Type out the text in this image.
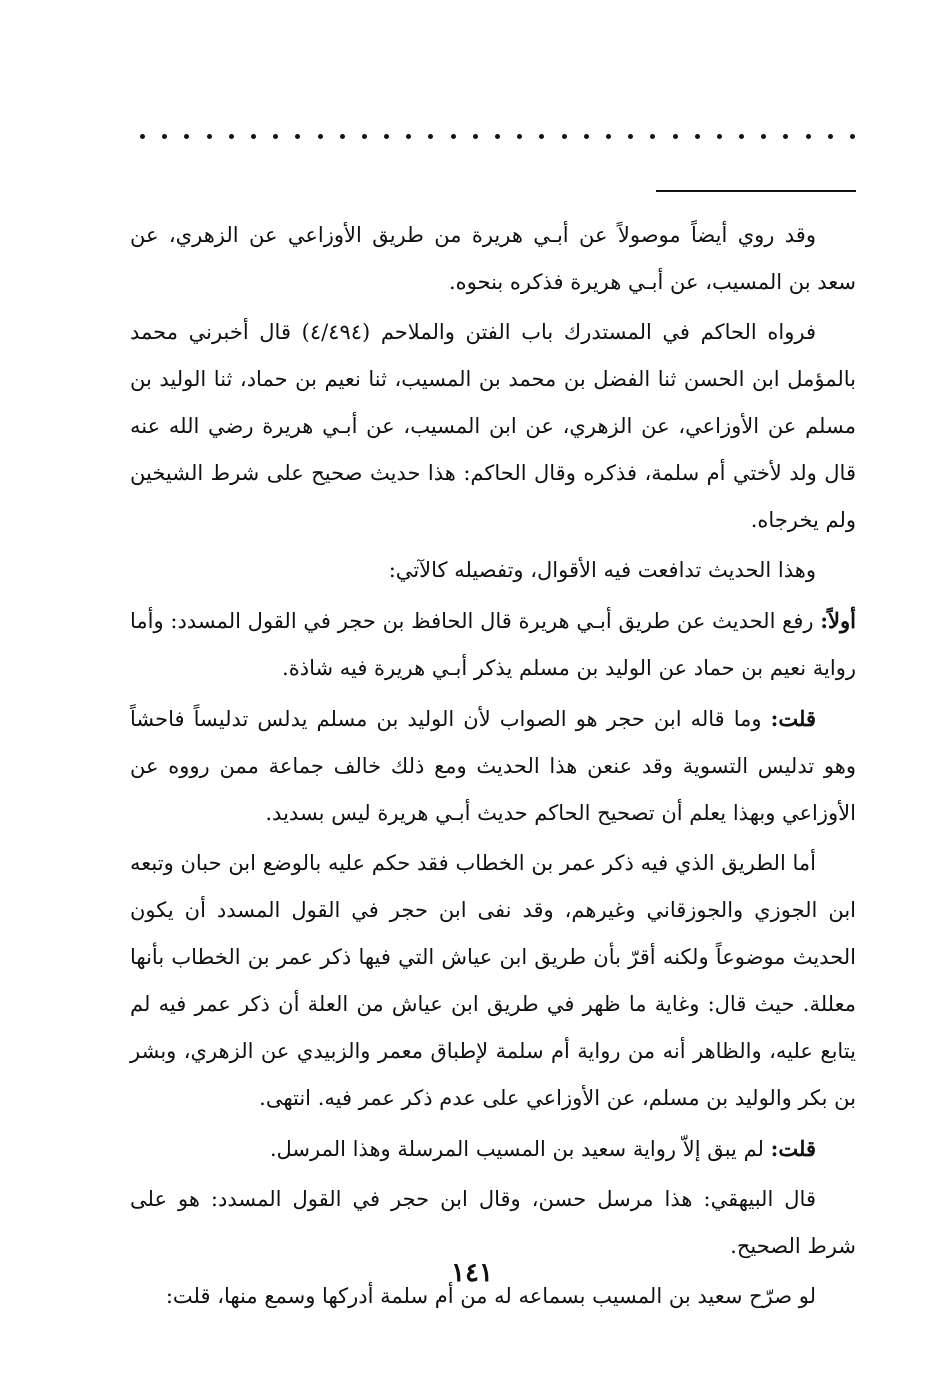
وقد روي أيضاً موصولاً عن أبـي هريرة من طريق الأوزاعي عن الزهري، عن سعد بن المسيب، عن أبـي هريرة فذكره بنحوه.

فرواه الحاكم في المستدرك باب الفتن والملاحم (٤/٤٩٤) قال أخبرني محمد بالمؤمل ابن الحسن ثنا الفضل بن محمد بن المسيب، ثنا نعيم بن حماد، ثنا الوليد بن مسلم عن الأوزاعي، عن الزهري، عن ابن المسيب، عن أبـي هريرة رضي الله عنه قال ولد لأختي أم سلمة، فذكره وقال الحاكم: هذا حديث صحيح على شرط الشيخين ولم يخرجاه.

وهذا الحديث تدافعت فيه الأقوال، وتفصيله كالآتي:

أولاً: رفع الحديث عن طريق أبـي هريرة قال الحافظ بن حجر في القول المسدد: وأما رواية نعيم بن حماد عن الوليد بن مسلم يذكر أبـي هريرة فيه شاذة.

قلت: وما قاله ابن حجر هو الصواب لأن الوليد بن مسلم يدلس تدليساً فاحشاً وهو تدليس التسوية وقد عنعن هذا الحديث ومع ذلك خالف جماعة ممن رووه عن الأوزاعي وبهذا يعلم أن تصحيح الحاكم حديث أبـي هريرة ليس بسديد.

أما الطريق الذي فيه ذكر عمر بن الخطاب فقد حكم عليه بالوضع ابن حبان وتبعه ابن الجوزي والجوزقاني وغيرهم، وقد نفى ابن حجر في القول المسدد أن يكون الحديث موضوعاً ولكنه أقرّ بأن طريق ابن عياش التي فيها ذكر عمر بن الخطاب بأنها معللة. حيث قال: وغاية ما ظهر في طريق ابن عياش من العلة أن ذكر عمر فيه لم يتابع عليه، والظاهر أنه من رواية أم سلمة لإطباق معمر والزبيدي عن الزهري، وبشر بن بكر والوليد بن مسلم، عن الأوزاعي على عدم ذكر عمر فيه. انتهى.

قلت: لم يبق إلاّ رواية سعيد بن المسيب المرسلة وهذا المرسل.

قال البيهقي: هذا مرسل حسن، وقال ابن حجر في القول المسدد: هو على شرط الصحيح.

لو صرّح سعيد بن المسيب بسماعه له من أم سلمة أدركها وسمع منها، قلت:

١٤١
